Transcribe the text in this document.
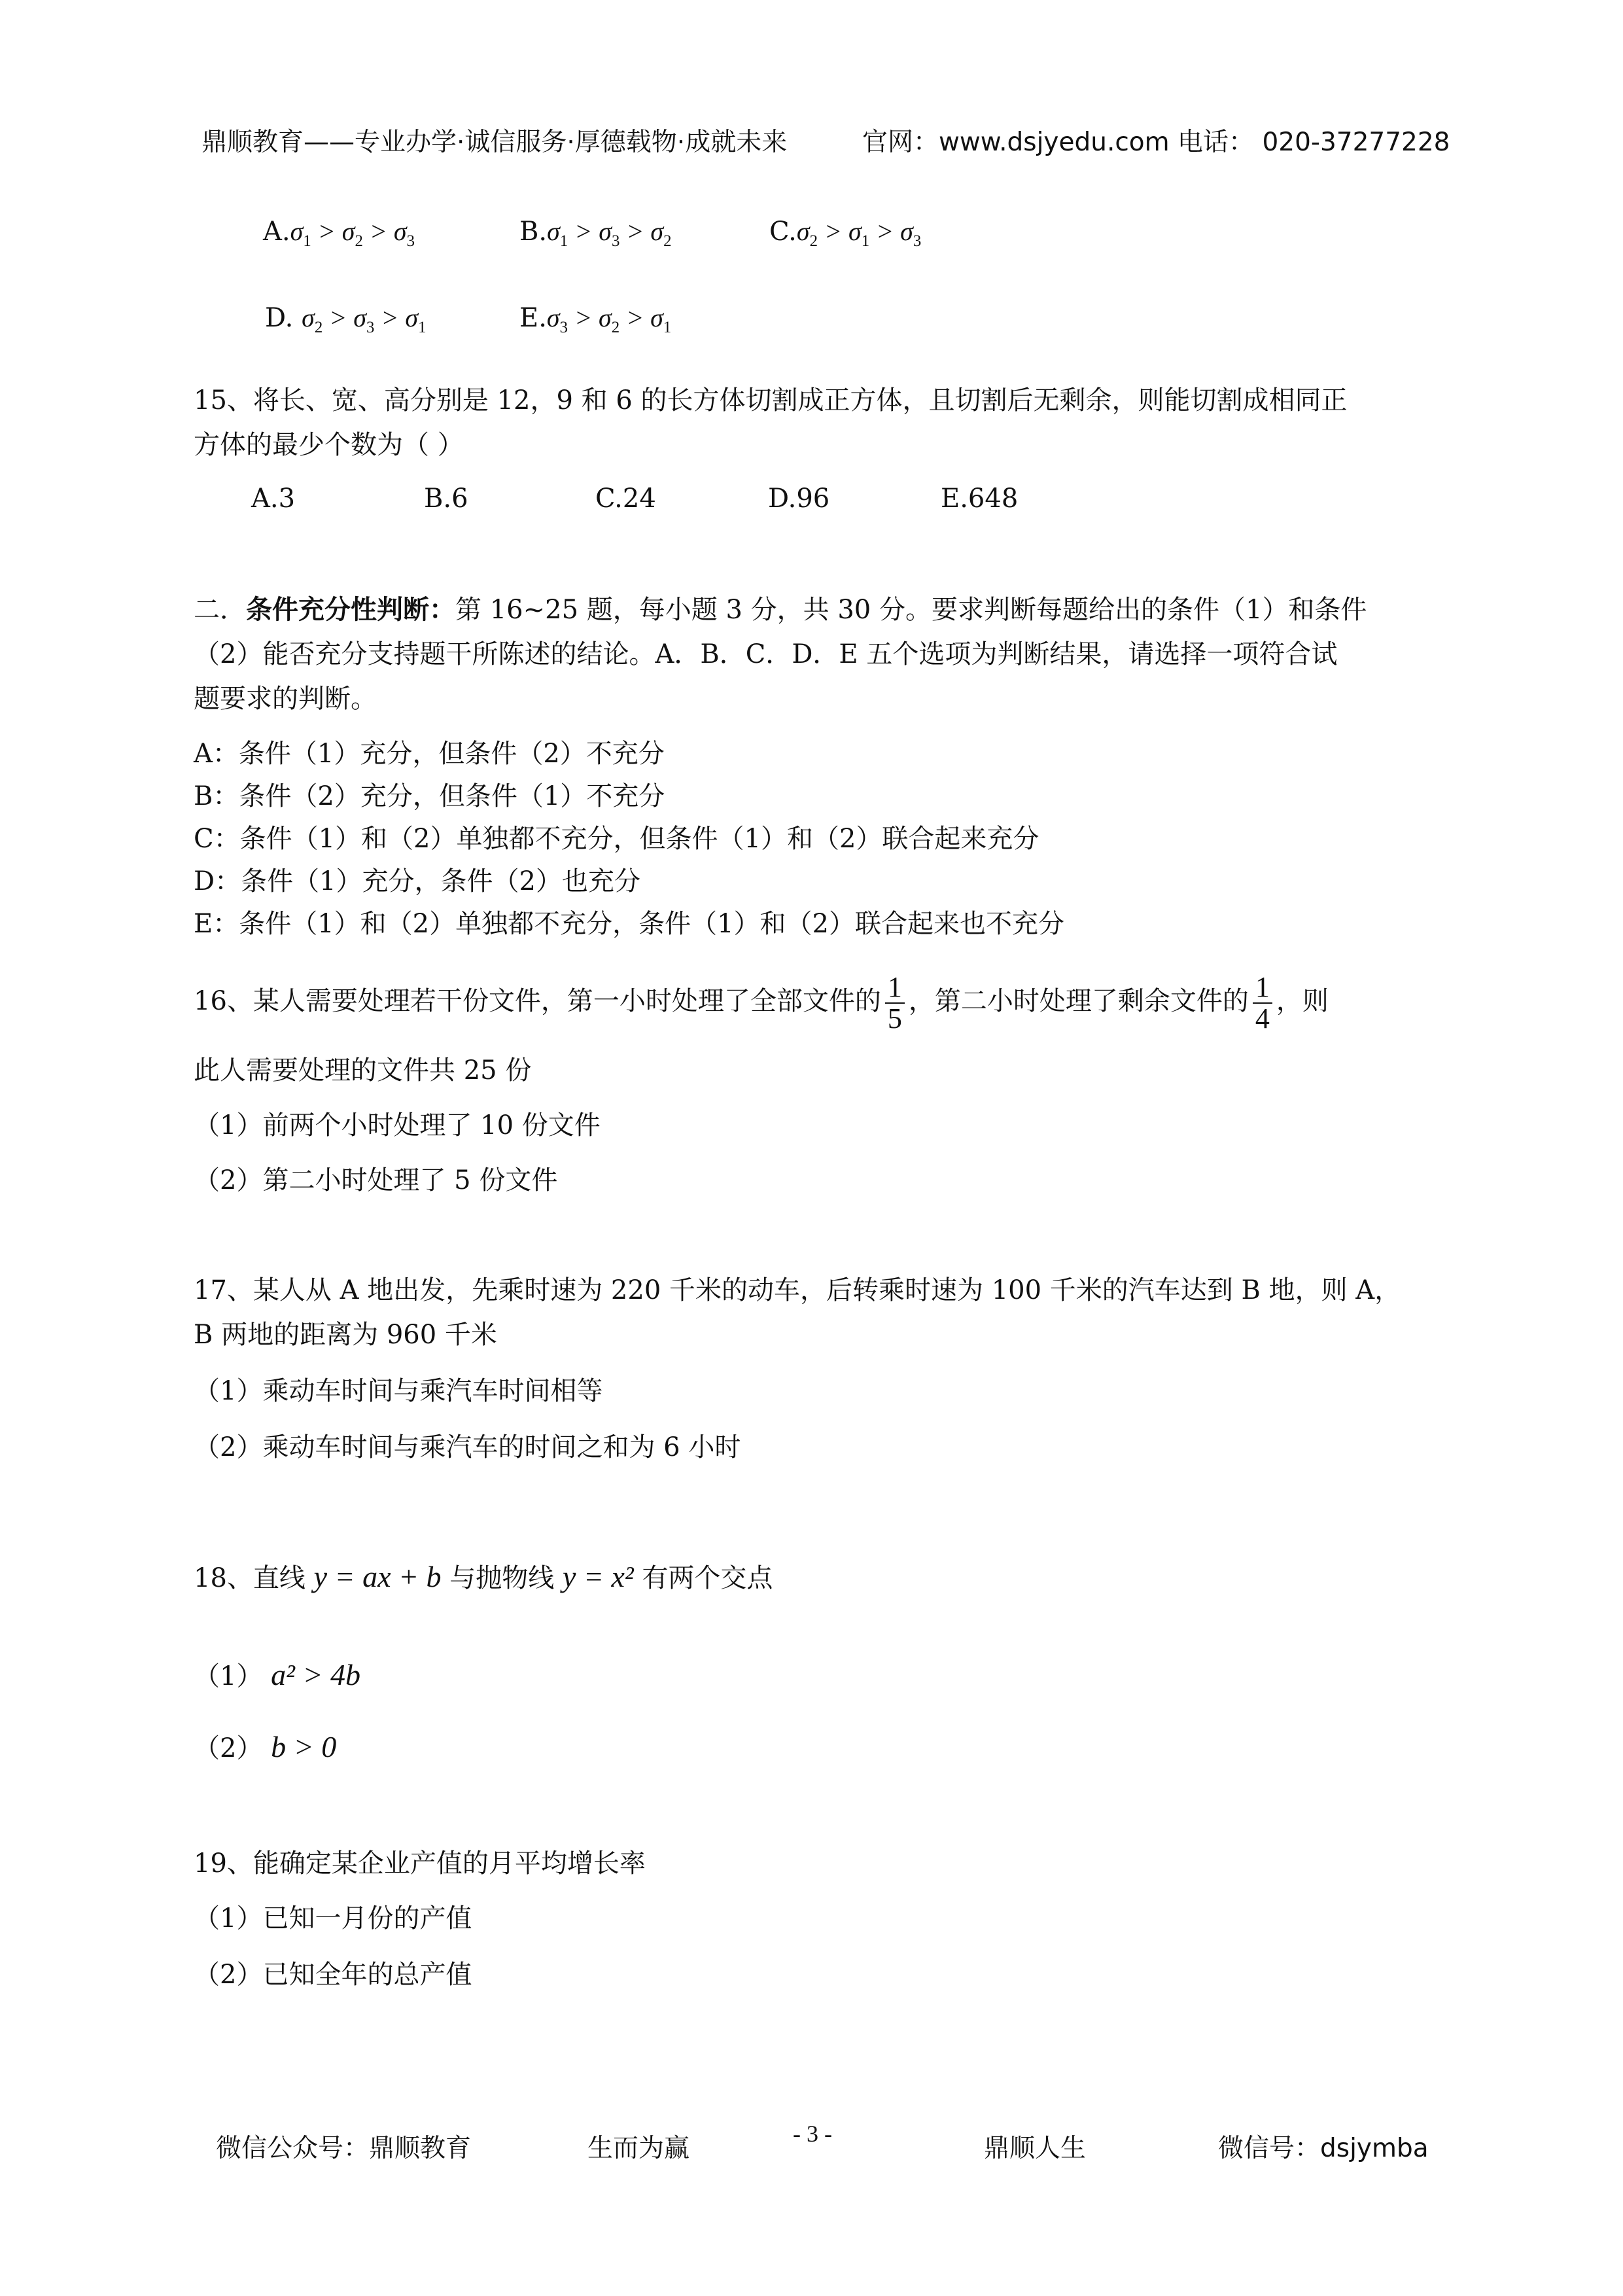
鼎顺教育——专业办学·诚信服务·厚德载物·成就未来	官网：www.dsjyedu.com 电话： 020-37277228
$A.\sigma_1 > \sigma_2 > \sigma_3$	$B.\sigma_1 > \sigma_3 > \sigma_2$	$C.\sigma_2 > \sigma_1 > \sigma_3$
D. $\sigma_2 > \sigma_3 > \sigma_1$	$E.\sigma_3 > \sigma_2 > \sigma_1$
15、将长、宽、高分别是 12，9 和 6 的长方体切割成正方体，且切割后无剩余，则能切割成相同正
方体的最少个数为（ ）
A.3	B.6	C.24	D.96	E.648
二．条件充分性判断：第 16~25 题，每小题 3 分，共 30 分。要求判断每题给出的条件（1）和条件
（2）能否充分支持题干所陈述的结论。A．B．C．D．E 五个选项为判断结果，请选择一项符合试
题要求的判断。
A：条件（1）充分，但条件（2）不充分
B：条件（2）充分，但条件（1）不充分
C：条件（1）和（2）单独都不充分，但条件（1）和（2）联合起来充分
D：条件（1）充分，条件（2）也充分
E：条件（1）和（2）单独都不充分，条件（1）和（2）联合起来也不充分
16、某人需要处理若干份文件，第一小时处理了全部文件的 $\frac{1}{5}$ ，第二小时处理了剩余文件的 $\frac{1}{4}$ ，则
此人需要处理的文件共 25 份
（1）前两个小时处理了 10 份文件
（2）第二小时处理了 5 份文件
17、某人从 A 地出发，先乘时速为 220 千米的动车，后转乘时速为 100 千米的汽车达到 B 地，则 A，
B 两地的距离为 960 千米
（1）乘动车时间与乘汽车时间相等
（2）乘动车时间与乘汽车的时间之和为 6 小时
18、直线 y = ax + b 与抛物线 y = x² 有两个交点
（1） a² > 4b
（2） b > 0
19、能确定某企业产值的月平均增长率
（1）已知一月份的产值
（2）已知全年的总产值
微信公众号：鼎顺教育	生而为赢	- 3 -	鼎顺人生	微信号：dsjymba
